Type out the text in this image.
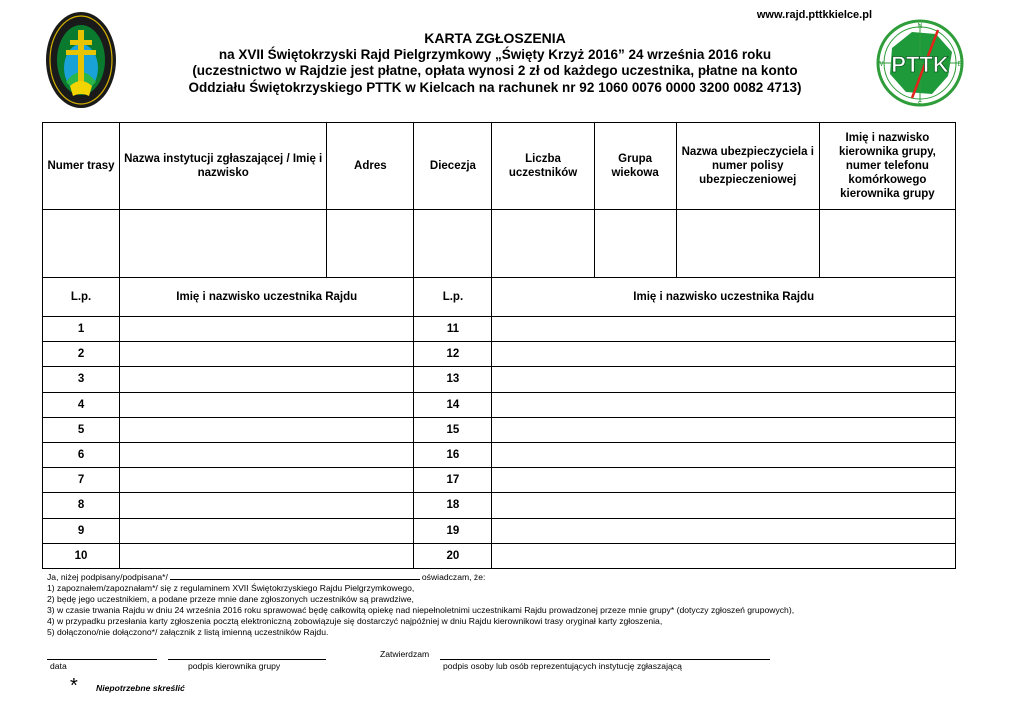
www.rajd.pttkkielce.pl
PTTK
N
E
S
W
KARTA ZGŁOSZENIA
na XVII Świętokrzyski Rajd Pielgrzymkowy „Święty Krzyż 2016” 24 września 2016 roku
(uczestnictwo w Rajdzie jest płatne, opłata wynosi 2 zł od każdego uczestnika, płatne na konto
Oddziału Świętokrzyskiego PTTK w Kielcach na rachunek nr 92 1060 0076 0000 3200 0082 4713)
Numer trasy	Nazwa instytucji zgłaszającej / Imię i nazwisko	Adres	Diecezja	Liczba uczestników	Grupa wiekowa	Nazwa ubezpieczyciela i numer polisy ubezpieczeniowej	Imię i nazwisko kierownika grupy, numer telefonu komórkowego kierownika grupy

L.p.	Imię i nazwisko uczestnika Rajdu		L.p.	Imię i nazwisko uczestnika Rajdu			
1			11				
2			12				
3			13				
4			14				
5			15				
6			16				
7			17				
8			18				
9			19				
10			20				
Ja, niżej podpisany/podpisana*/	oświadczam, że:
1) zapoznałem/zapoznałam*/ się z regulaminem XVII Świętokrzyskiego Rajdu Pielgrzymkowego,
2) będę jego uczestnikiem, a podane przeze mnie dane zgłoszonych uczestników są prawdziwe,
3) w czasie trwania Rajdu w dniu 24 września 2016 roku sprawować będę całkowitą opiekę nad niepełnoletnimi uczestnikami Rajdu prowadzonej przeze mnie grupy* (dotyczy zgłoszeń grupowych),
4) w przypadku przesłania karty zgłoszenia pocztą elektroniczną zobowiązuje się dostarczyć najpóźniej w dniu Rajdu kierownikowi trasy oryginał karty zgłoszenia,
5) dołączono/nie dołączono*/ załącznik z listą imienną uczestników Rajdu.
Zatwierdzam
data	podpis kierownika grupy	podpis osoby lub osób reprezentujących instytucję zgłaszającą
* Niepotrzebne skreślić
